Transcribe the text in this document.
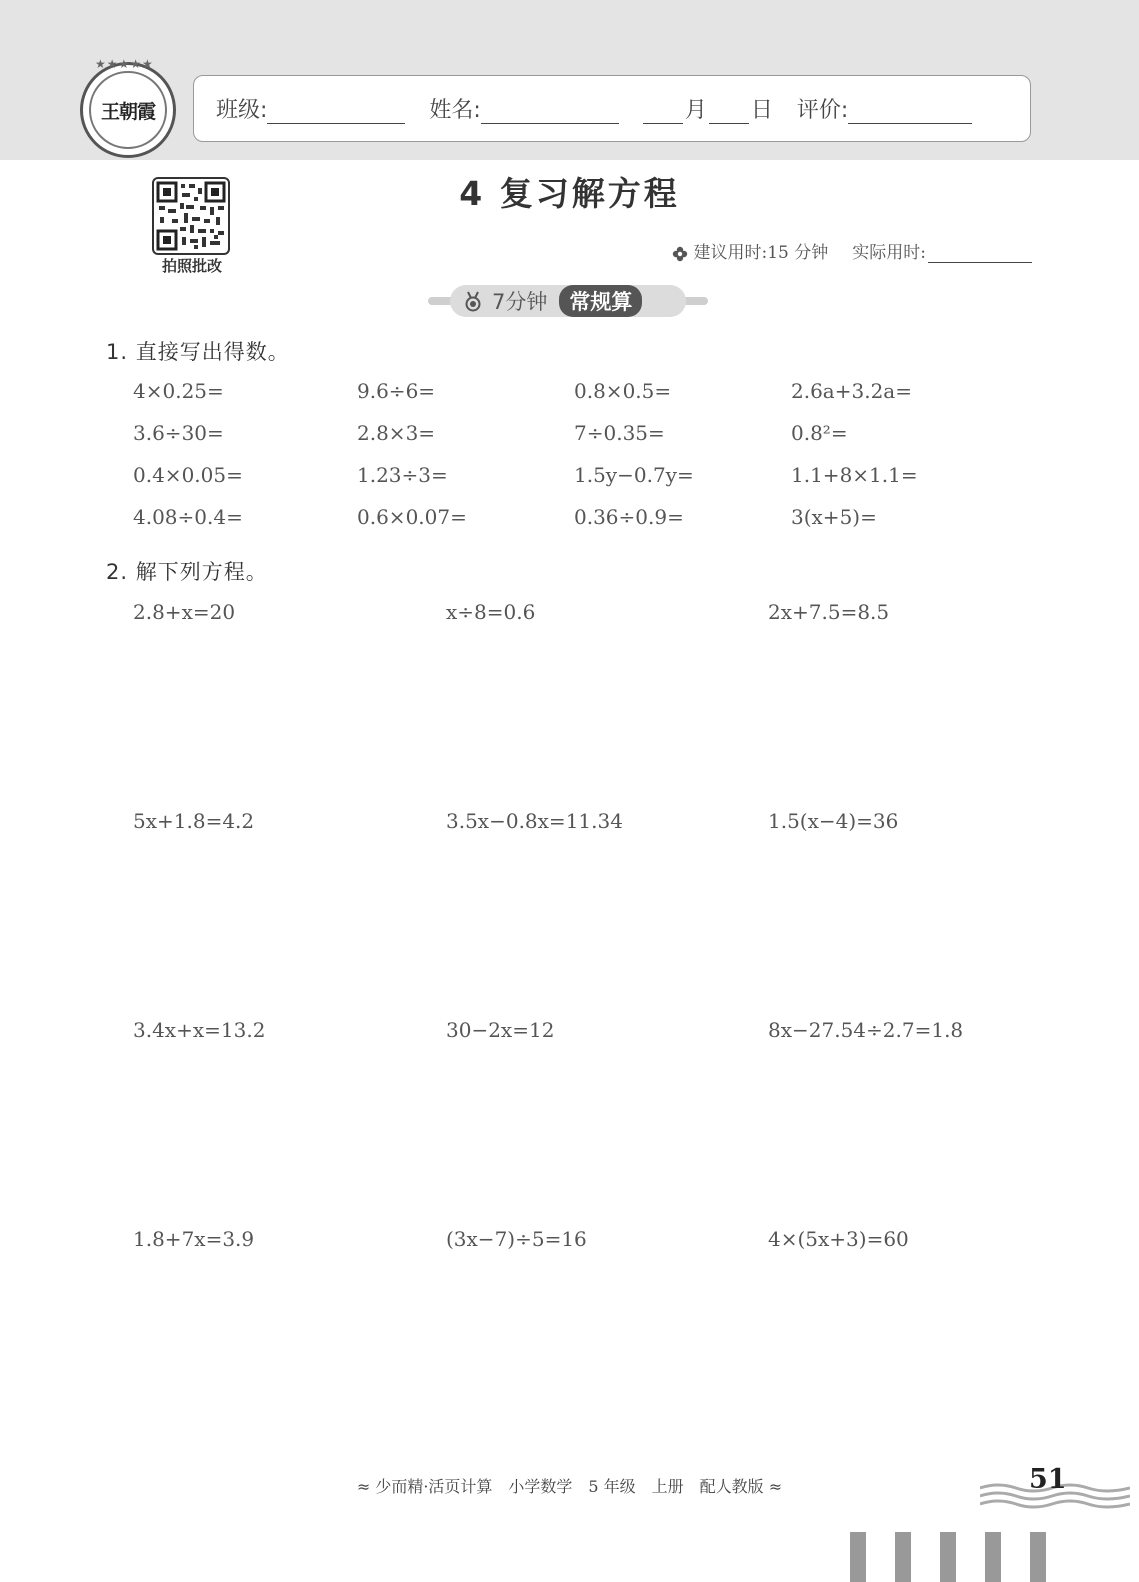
★★★★★
王朝霞	班级:	姓名:	月 日 评价:
拍照批改
4 复习解方程
建议用时:15 分钟 实际用时:
7分钟	常规算
1. 直接写出得数。
4×0.25=	9.6÷6=	0.8×0.5=	2.6a+3.2a=
3.6÷30=	2.8×3=	7÷0.35=	0.8²=
0.4×0.05=	1.23÷3=	1.5y−0.7y=	1.1+8×1.1=
4.08÷0.4=	0.6×0.07=	0.36÷0.9=	3(x+5)=
2. 解下列方程。
2.8+x=20	x÷8=0.6	2x+7.5=8.5
5x+1.8=4.2	3.5x−0.8x=11.34	1.5(x−4)=36
3.4x+x=13.2	30−2x=12	8x−27.54÷2.7=1.8
1.8+7x=3.9	(3x−7)÷5=16	4×(5x+3)=60
≈ 少而精·活页计算　小学数学　5 年级　上册　配人教版 ≈	51
